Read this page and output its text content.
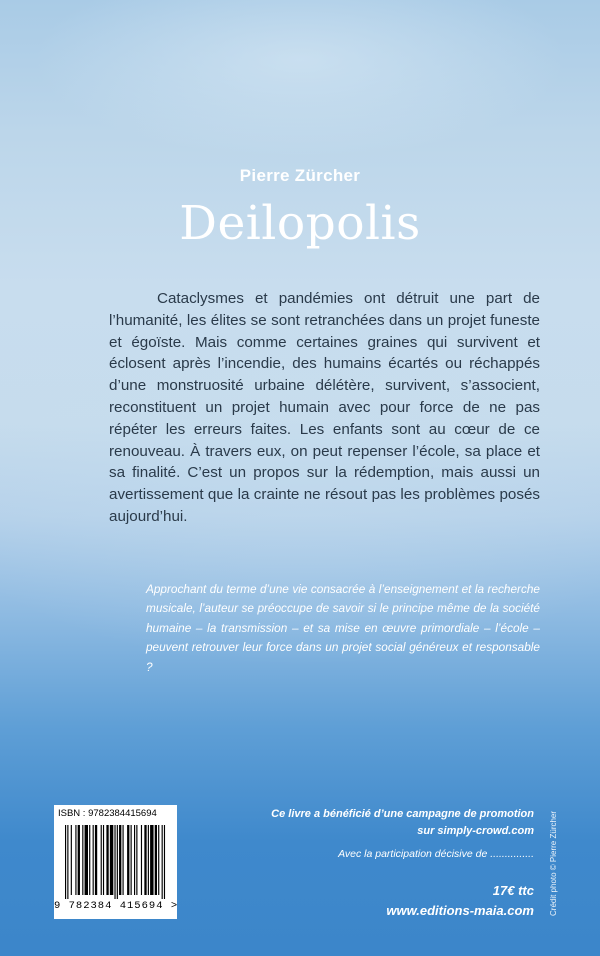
Pierre Zürcher
Deilopolis

Cataclysmes et pandémies ont détruit une part de l’humanité, les élites se sont retranchées dans un projet funeste et égoïste. Mais comme certaines graines qui survivent et éclosent après l’incendie, des humains écartés ou réchappés d’une monstruosité urbaine délétère, survivent, s’associent, reconstituent un projet humain avec pour force de ne pas répéter les erreurs faites. Les enfants sont au cœur de ce renouveau. À travers eux, on peut repenser l’école, sa place et sa finalité. C’est un propos sur la rédemption, mais aussi un avertissement que la crainte ne résout pas les problèmes posés aujourd’hui.

Approchant du terme d’une vie consacrée à l’enseignement et la recherche musicale, l’auteur se préoccupe de savoir si le principe même de la société humaine – la transmission – et sa mise en œuvre primordiale – l’école – peuvent retrouver leur force dans un projet social généreux et responsable ?

ISBN : 9782384415694
9 782384 415694 >
Ce livre a bénéficié d’une campagne de promotion
sur simply-crowd.com
Avec la participation décisive de ...............
17€ ttc
www.editions-maia.com Crédit photo © Pierre Zürcher
